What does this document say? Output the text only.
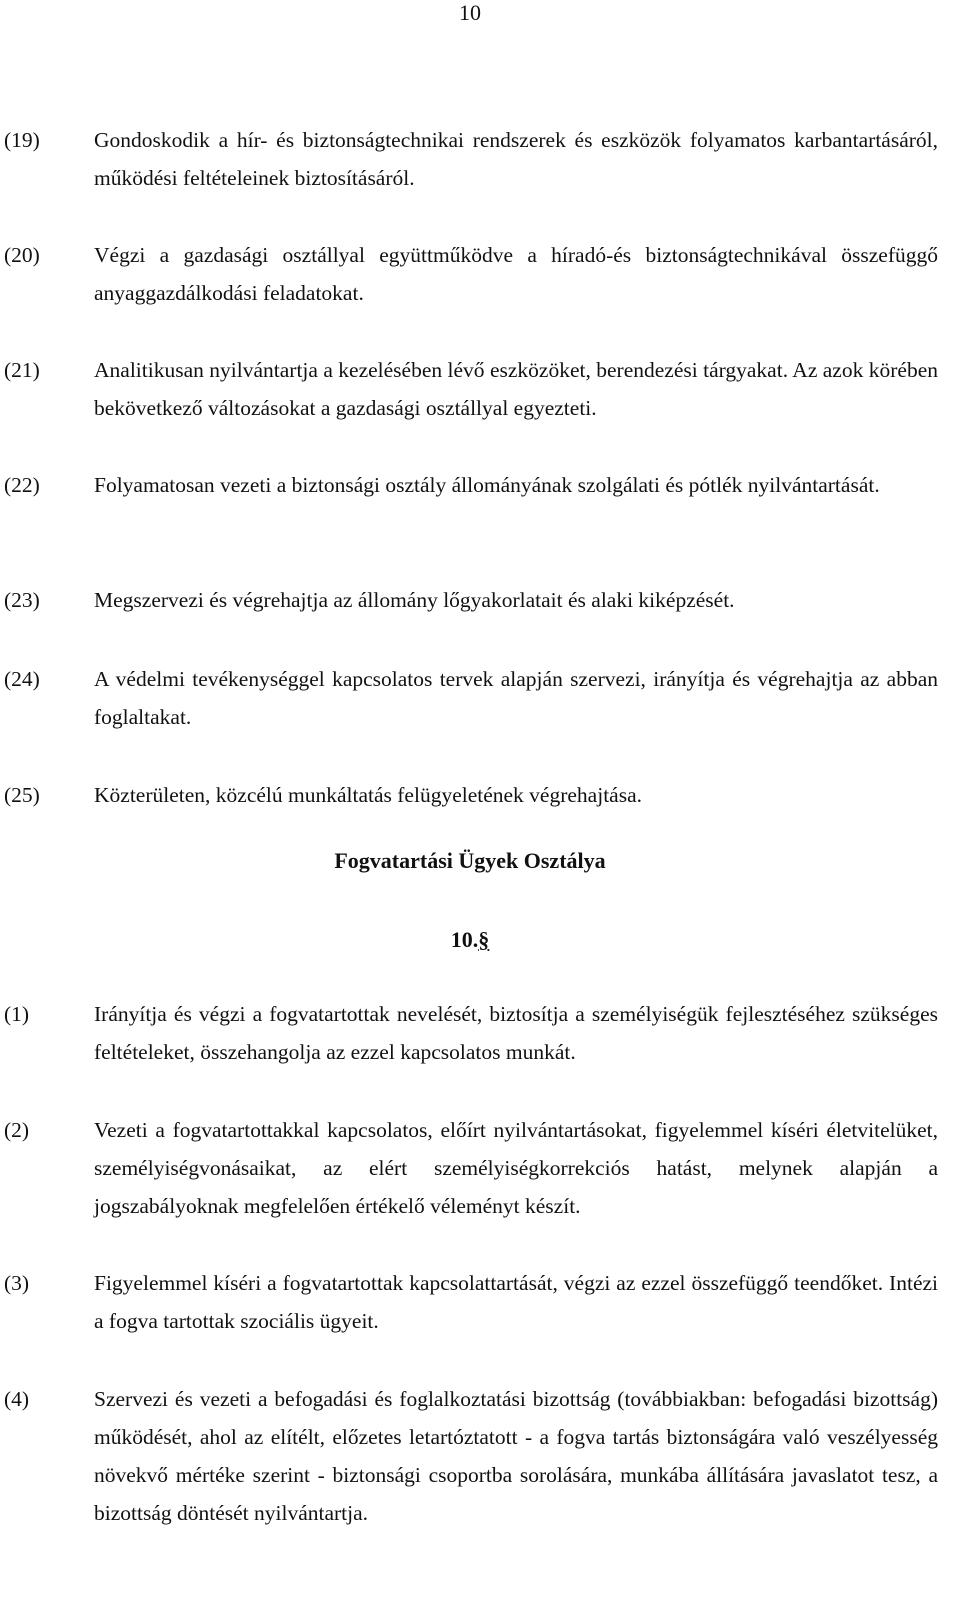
10
(19)	Gondoskodik a hír- és biztonságtechnikai rendszerek és eszközök folyamatos karbantartásáról, működési feltételeinek biztosításáról.
(20)	Végzi a gazdasági osztállyal együttműködve a híradó-és biztonságtechnikával összefüggő anyaggazdálkodási feladatokat.
(21)	Analitikusan nyilvántartja a kezelésében lévő eszközöket, berendezési tárgyakat. Az azok körében bekövetkező változásokat a gazdasági osztállyal egyezteti.
(22)	Folyamatosan vezeti a biztonsági osztály állományának szolgálati és pótlék nyilvántartását.
(23)	Megszervezi és végrehajtja az állomány lőgyakorlatait és alaki kiképzését.
(24)	A védelmi tevékenységgel kapcsolatos tervek alapján szervezi, irányítja és végrehajtja az abban foglaltakat.
(25)	Közterületen, közcélú munkáltatás felügyeletének végrehajtása.
Fogvatartási Ügyek Osztálya
10.§
(1)	Irányítja és végzi a fogvatartottak nevelését, biztosítja a személyiségük fejlesztéséhez szükséges feltételeket, összehangolja az ezzel kapcsolatos munkát.
(2)	Vezeti a fogvatartottakkal kapcsolatos, előírt nyilvántartásokat, figyelemmel kíséri életvitelüket, személyiségvonásaikat, az elért személyiségkorrekciós hatást, melynek alapján a jogszabályoknak megfelelően értékelő véleményt készít.
(3)	Figyelemmel kíséri a fogvatartottak kapcsolattartását, végzi az ezzel összefüggő teendőket. Intézi a fogva tartottak szociális ügyeit.
(4)	Szervezi és vezeti a befogadási és foglalkoztatási bizottság (továbbiakban: befogadási bizottság) működését, ahol az elítélt, előzetes letartóztatott - a fogva tartás biztonságára való veszélyesség növekvő mértéke szerint - biztonsági csoportba sorolására, munkába állítására javaslatot tesz, a bizottság döntését nyilvántartja.
